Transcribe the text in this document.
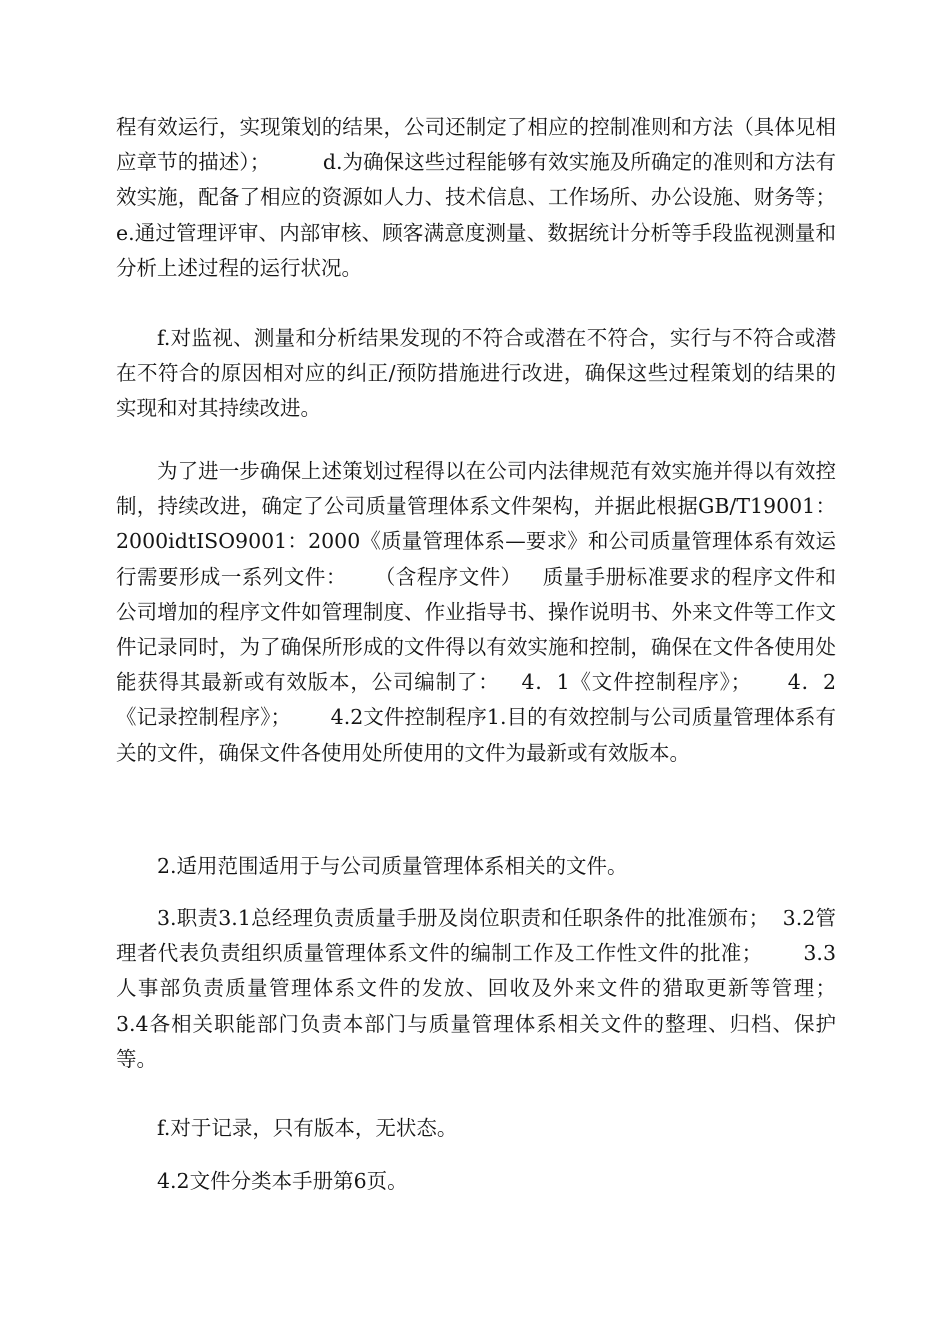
程有效运行，实现策划的结果，公司还制定了相应的控制准则和方法（具体见相应章节的描述）；        d.为确保这些过程能够有效实施及所确定的准则和方法有效实施，配备了相应的资源如人力、技术信息、工作场所、办公设施、财务等；      e.通过管理评审、内部审核、顾客满意度测量、数据统计分析等手段监视测量和分析上述过程的运行状况。

f.对监视、测量和分析结果发现的不符合或潜在不符合，实行与不符合或潜在不符合的原因相对应的纠正/预防措施进行改进，确保这些过程策划的结果的实现和对其持续改进。

为了进一步确保上述策划过程得以在公司内法律规范有效实施并得以有效控制，持续改进，确定了公司质量管理体系文件架构，并据此根据GB/T19001：2000idtISO9001：2000《质量管理体系—要求》和公司质量管理体系有效运行需要形成一系列文件：    （含程序文件）   质量手册标准要求的程序文件和公司增加的程序文件如管理制度、作业指导书、操作说明书、外来文件等工作文件记录同时，为了确保所形成的文件得以有效实施和控制，确保在文件各使用处能获得其最新或有效版本，公司编制了：   4．1《文件控制程序》；     4．2《记录控制程序》；      4.2文件控制程序1.目的有效控制与公司质量管理体系有关的文件，确保文件各使用处所使用的文件为最新或有效版本。

2.适用范围适用于与公司质量管理体系相关的文件。

3.职责3.1总经理负责质量手册及岗位职责和任职条件的批准颁布；  3.2管理者代表负责组织质量管理体系文件的编制工作及工作性文件的批准；      3.3人事部负责质量管理体系文件的发放、回收及外来文件的猎取更新等管理；      3.4各相关职能部门负责本部门与质量管理体系相关文件的整理、归档、保护等。

f.对于记录，只有版本，无状态。

4.2文件分类本手册第6页。
